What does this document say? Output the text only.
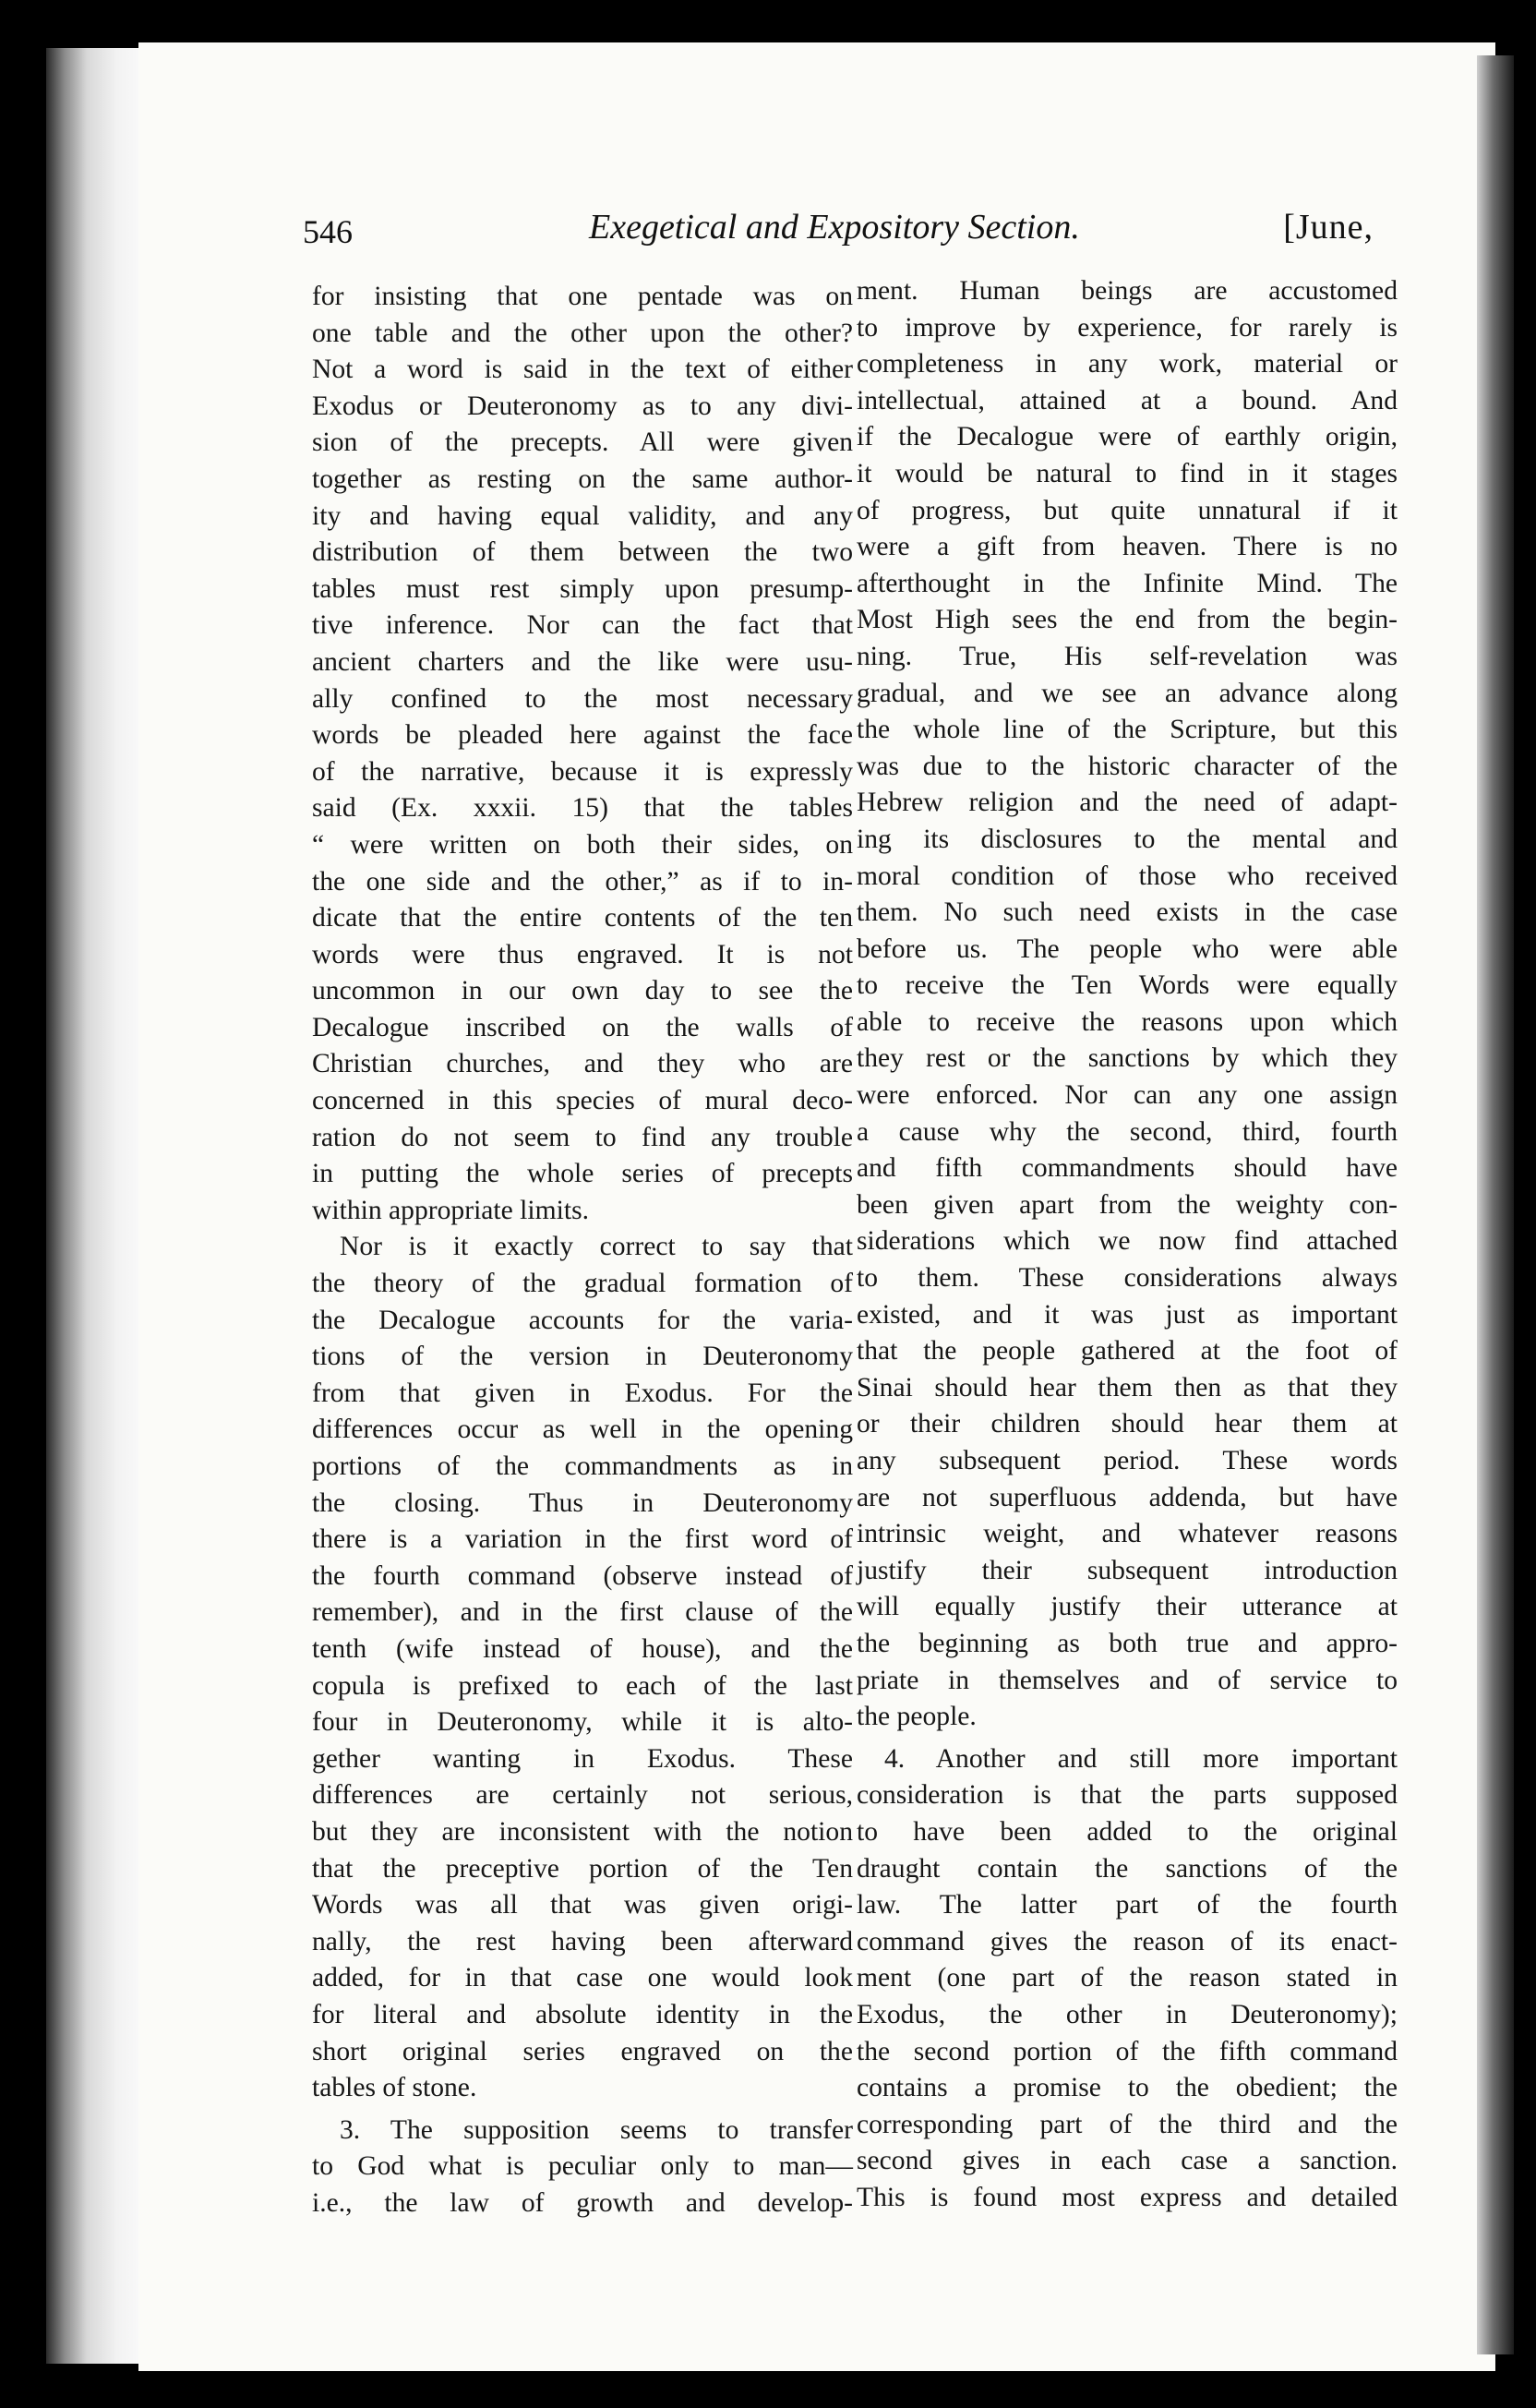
546	Exegetical and Expository Section.	[June,
for insisting that one pentade was on
one table and the other upon the other?
Not a word is said in the text of either
Exodus or Deuteronomy as to any divi-
sion of the precepts. All were given
together as resting on the same author-
ity and having equal validity, and any
distribution of them between the two
tables must rest simply upon presump-
tive inference. Nor can the fact that
ancient charters and the like were usu-
ally confined to the most necessary
words be pleaded here against the face
of the narrative, because it is expressly
said (Ex. xxxii. 15) that the tables
“ were written on both their sides, on
the one side and the other,” as if to in-
dicate that the entire contents of the ten
words were thus engraved. It is not
uncommon in our own day to see the
Decalogue inscribed on the walls of
Christian churches, and they who are
concerned in this species of mural deco-
ration do not seem to find any trouble
in putting the whole series of precepts
within appropriate limits.
Nor is it exactly correct to say that
the theory of the gradual formation of
the Decalogue accounts for the varia-
tions of the version in Deuteronomy
from that given in Exodus. For the
differences occur as well in the opening
portions of the commandments as in
the closing. Thus in Deuteronomy
there is a variation in the first word of
the fourth command (observe instead of
remember), and in the first clause of the
tenth (wife instead of house), and the
copula is prefixed to each of the last
four in Deuteronomy, while it is alto-
gether wanting in Exodus. These
differences are certainly not serious,
but they are inconsistent with the notion
that the preceptive portion of the Ten
Words was all that was given origi-
nally, the rest having been afterward
added, for in that case one would look
for literal and absolute identity in the
short original series engraved on the
tables of stone.
3. The supposition seems to transfer
to God what is peculiar only to man—
i.e., the law of growth and develop-
ment. Human beings are accustomed
to improve by experience, for rarely is
completeness in any work, material or
intellectual, attained at a bound. And
if the Decalogue were of earthly origin,
it would be natural to find in it stages
of progress, but quite unnatural if it
were a gift from heaven. There is no
afterthought in the Infinite Mind. The
Most High sees the end from the begin-
ning. True, His self-revelation was
gradual, and we see an advance along
the whole line of the Scripture, but this
was due to the historic character of the
Hebrew religion and the need of adapt-
ing its disclosures to the mental and
moral condition of those who received
them. No such need exists in the case
before us. The people who were able
to receive the Ten Words were equally
able to receive the reasons upon which
they rest or the sanctions by which they
were enforced. Nor can any one assign
a cause why the second, third, fourth
and fifth commandments should have
been given apart from the weighty con-
siderations which we now find attached
to them. These considerations always
existed, and it was just as important
that the people gathered at the foot of
Sinai should hear them then as that they
or their children should hear them at
any subsequent period. These words
are not superfluous addenda, but have
intrinsic weight, and whatever reasons
justify their subsequent introduction
will equally justify their utterance at
the beginning as both true and appro-
priate in themselves and of service to
the people.
4. Another and still more important
consideration is that the parts supposed
to have been added to the original
draught contain the sanctions of the
law. The latter part of the fourth
command gives the reason of its enact-
ment (one part of the reason stated in
Exodus, the other in Deuteronomy);
the second portion of the fifth command
contains a promise to the obedient; the
corresponding part of the third and the
second gives in each case a sanction.
This is found most express and detailed
